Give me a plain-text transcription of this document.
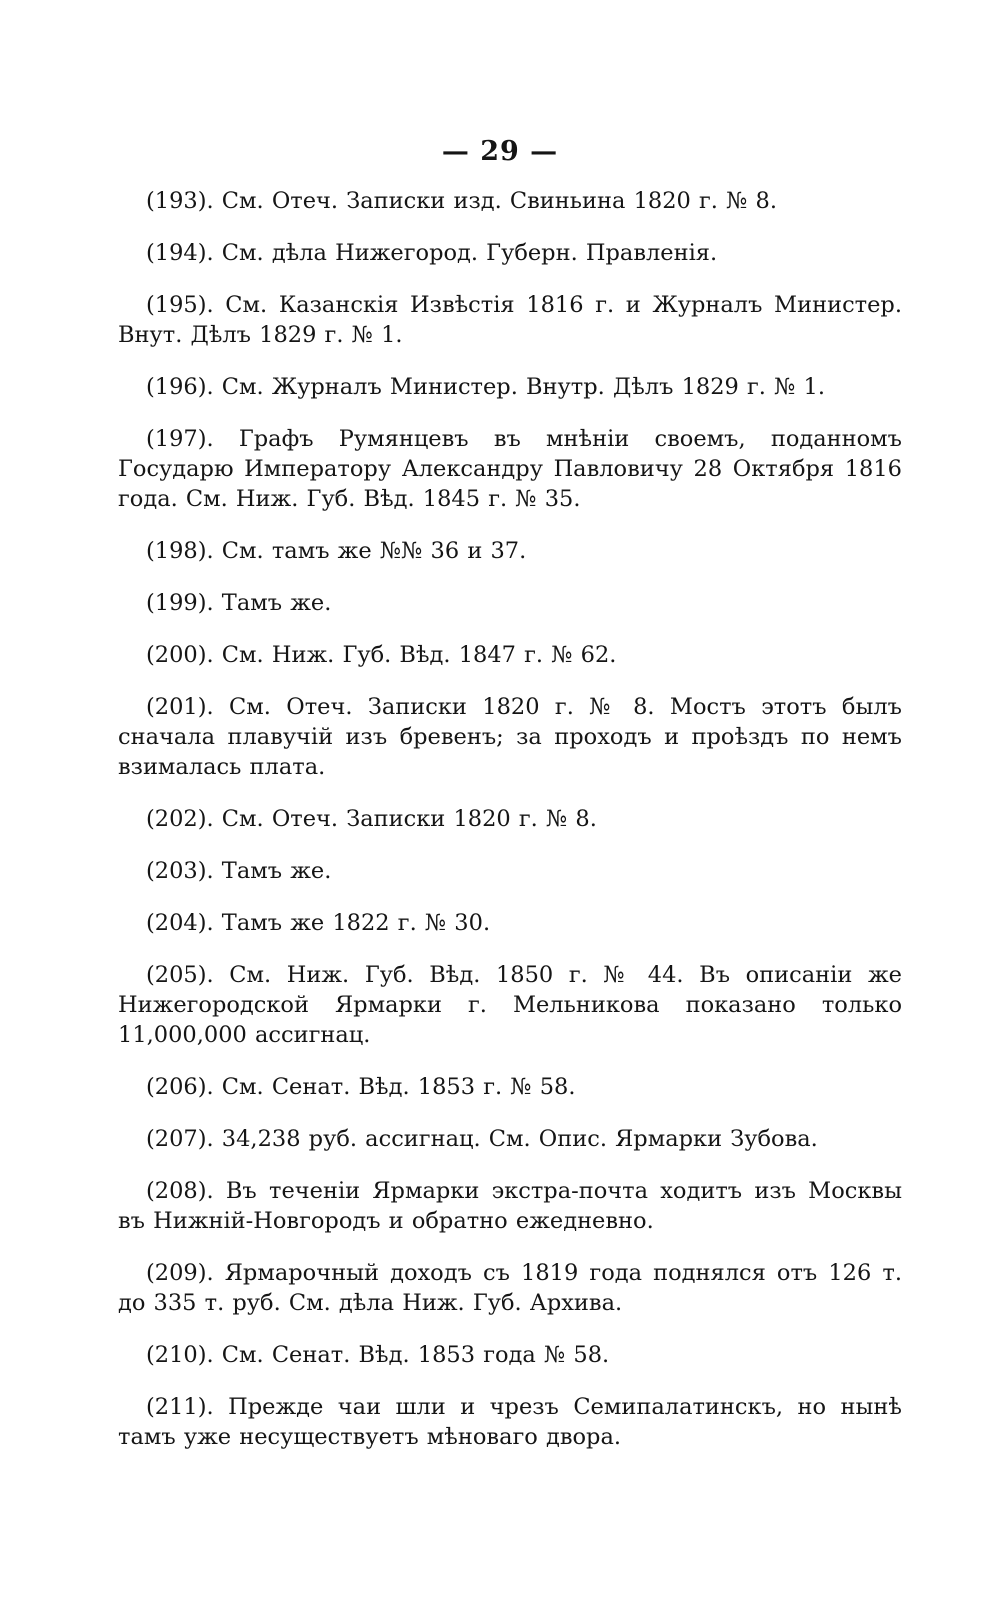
— 29 —
(193). См. Отеч. Записки изд. Свиньина 1820 г. № 8.
(194). См. дѣла Нижегород. Губерн. Правленія.
(195). См. Казанскія Извѣстія 1816 г. и Журналъ Министер. Внут. Дѣлъ 1829 г. № 1.
(196). См. Журналъ Министер. Внутр. Дѣлъ 1829 г. № 1.
(197). Графъ Румянцевъ въ мнѣніи своемъ, поданномъ Государю Императору Александру Павловичу 28 Октября 1816 года. См. Ниж. Губ. Вѣд. 1845 г. № 35.
(198). См. тамъ же №№ 36 и 37.
(199). Тамъ же.
(200). См. Ниж. Губ. Вѣд. 1847 г. № 62.
(201). См. Отеч. Записки 1820 г. № 8. Мостъ этотъ былъ сначала плавучій изъ бревенъ; за проходъ и проѣздъ по немъ взималась плата.
(202). См. Отеч. Записки 1820 г. № 8.
(203). Тамъ же.
(204). Тамъ же 1822 г. № 30.
(205). См. Ниж. Губ. Вѣд. 1850 г. № 44. Въ описаніи же Нижегородской Ярмарки г. Мельникова показано только 11,000,000 ассигнац.
(206). См. Сенат. Вѣд. 1853 г. № 58.
(207). 34,238 руб. ассигнац. См. Опис. Ярмарки Зубова.
(208). Въ теченіи Ярмарки экстра-почта ходитъ изъ Москвы въ Нижній-Новгородъ и обратно ежедневно.
(209). Ярмарочный доходъ съ 1819 года поднялся отъ 126 т. до 335 т. руб. См. дѣла Ниж. Губ. Архива.
(210). См. Сенат. Вѣд. 1853 года № 58.
(211). Прежде чаи шли и чрезъ Семипалатинскъ, но нынѣ тамъ уже несуществуетъ мѣноваго двора.
